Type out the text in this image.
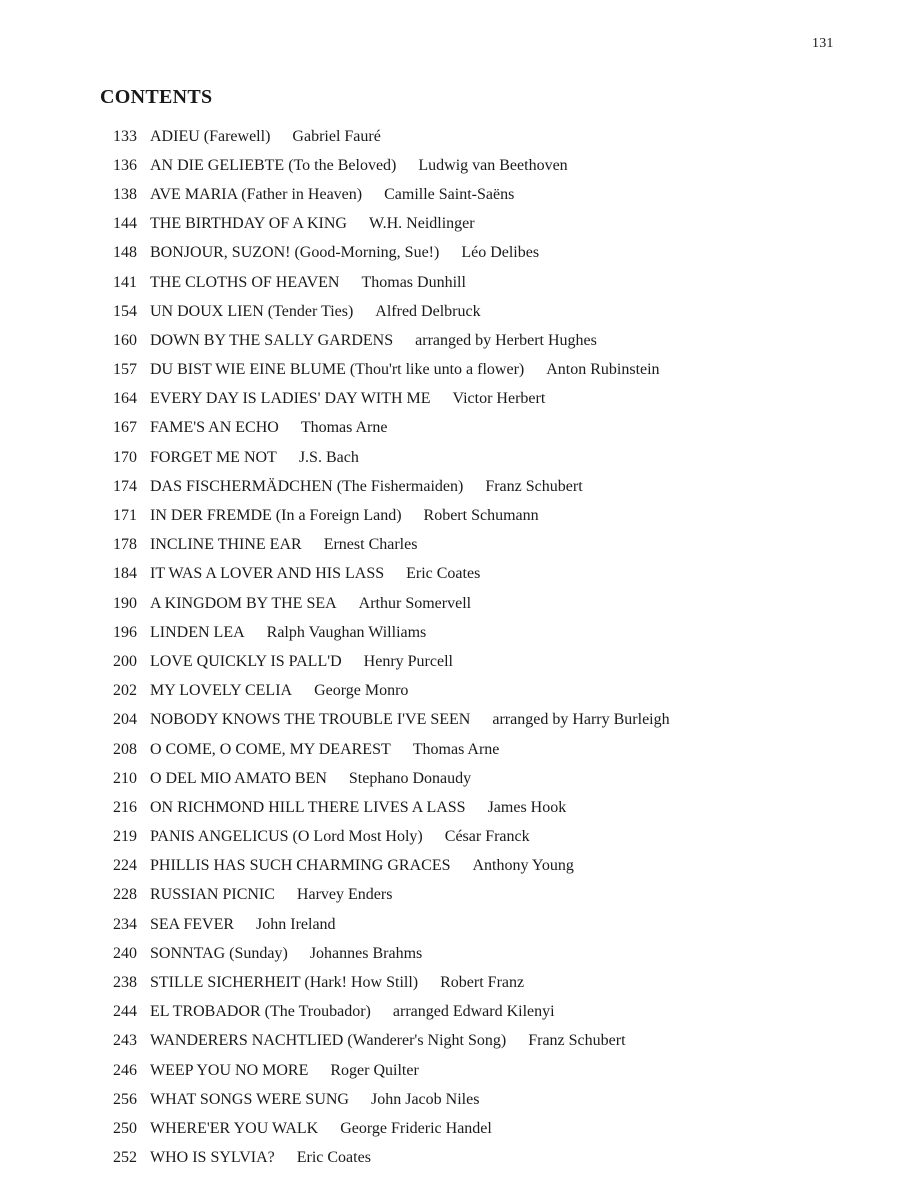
131
CONTENTS
133 ADIEU (Farewell) Gabriel Fauré
136 AN DIE GELIEBTE (To the Beloved) Ludwig van Beethoven
138 AVE MARIA (Father in Heaven) Camille Saint-Saëns
144 THE BIRTHDAY OF A KING W.H. Neidlinger
148 BONJOUR, SUZON! (Good-Morning, Sue!) Léo Delibes
141 THE CLOTHS OF HEAVEN Thomas Dunhill
154 UN DOUX LIEN (Tender Ties) Alfred Delbruck
160 DOWN BY THE SALLY GARDENS arranged by Herbert Hughes
157 DU BIST WIE EINE BLUME (Thou'rt like unto a flower) Anton Rubinstein
164 EVERY DAY IS LADIES' DAY WITH ME Victor Herbert
167 FAME'S AN ECHO Thomas Arne
170 FORGET ME NOT J.S. Bach
174 DAS FISCHERMÄDCHEN (The Fishermaiden) Franz Schubert
171 IN DER FREMDE (In a Foreign Land) Robert Schumann
178 INCLINE THINE EAR Ernest Charles
184 IT WAS A LOVER AND HIS LASS Eric Coates
190 A KINGDOM BY THE SEA Arthur Somervell
196 LINDEN LEA Ralph Vaughan Williams
200 LOVE QUICKLY IS PALL'D Henry Purcell
202 MY LOVELY CELIA George Monro
204 NOBODY KNOWS THE TROUBLE I'VE SEEN arranged by Harry Burleigh
208 O COME, O COME, MY DEAREST Thomas Arne
210 O DEL MIO AMATO BEN Stephano Donaudy
216 ON RICHMOND HILL THERE LIVES A LASS James Hook
219 PANIS ANGELICUS (O Lord Most Holy) César Franck
224 PHILLIS HAS SUCH CHARMING GRACES Anthony Young
228 RUSSIAN PICNIC Harvey Enders
234 SEA FEVER John Ireland
240 SONNTAG (Sunday) Johannes Brahms
238 STILLE SICHERHEIT (Hark! How Still) Robert Franz
244 EL TROBADOR (The Troubador) arranged Edward Kilenyi
243 WANDERERS NACHTLIED (Wanderer's Night Song) Franz Schubert
246 WEEP YOU NO MORE Roger Quilter
256 WHAT SONGS WERE SUNG John Jacob Niles
250 WHERE'ER YOU WALK George Frideric Handel
252 WHO IS SYLVIA? Eric Coates
